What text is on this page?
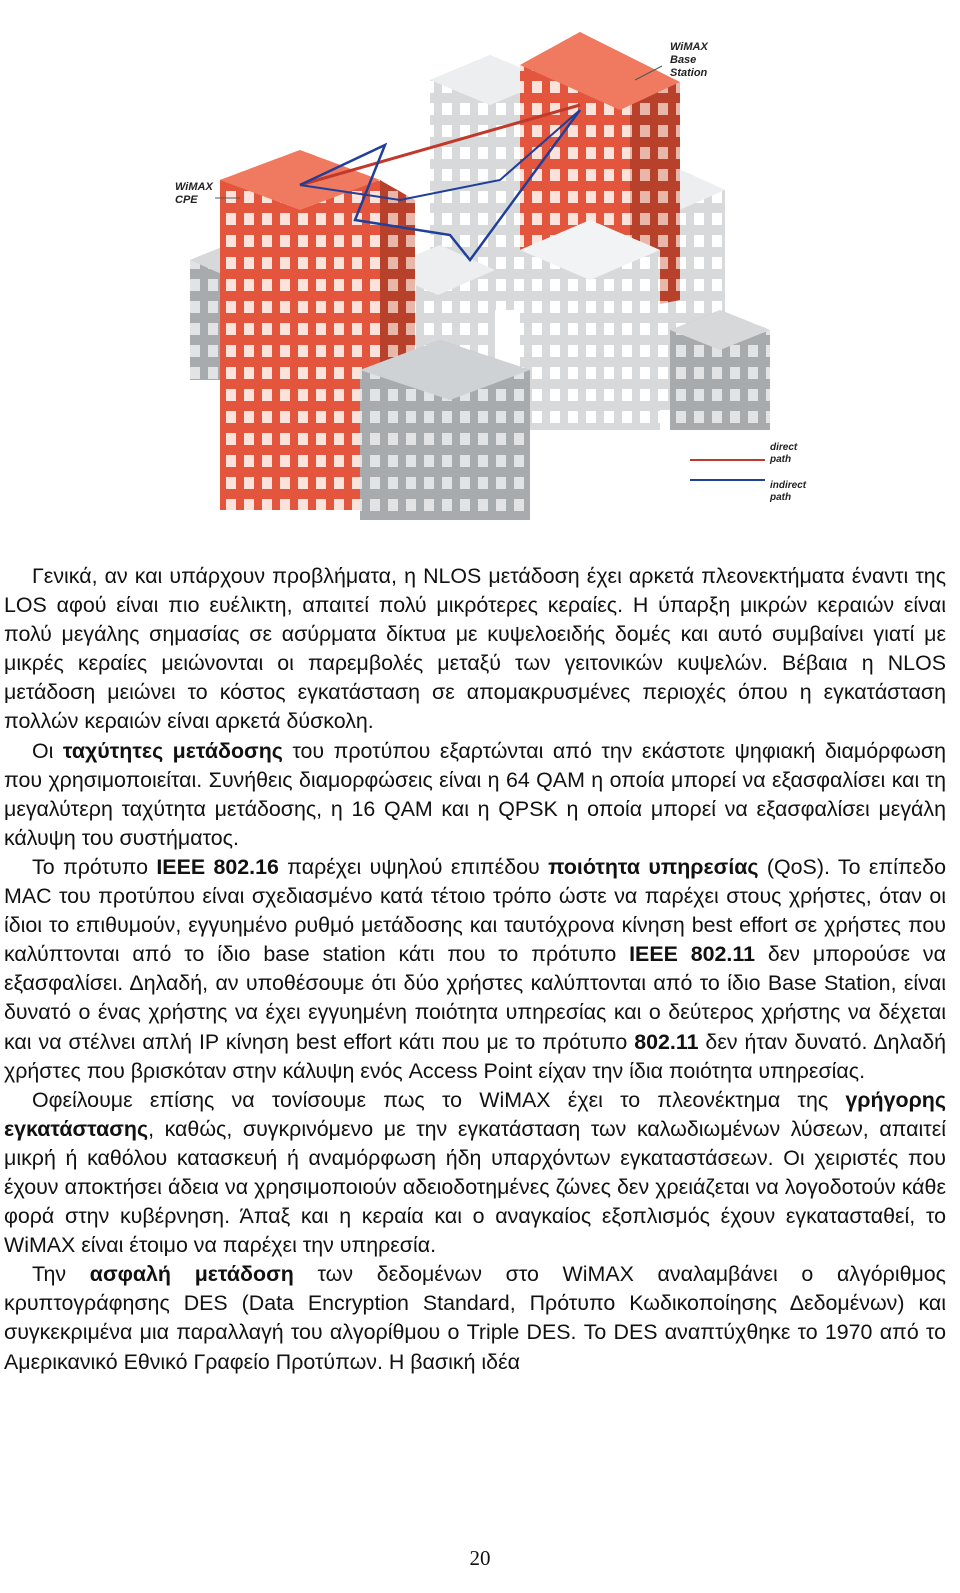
WiMAX Base Station
WiMAX CPE
direct path
indirect path

Γενικά, αν και υπάρχουν προβλήματα, η NLOS μετάδοση έχει αρκετά πλεονεκτήματα έναντι της LOS αφού είναι πιο ευέλικτη, απαιτεί πολύ μικρότερες κεραίες. Η ύπαρξη μικρών κεραιών είναι πολύ μεγάλης σημασίας σε ασύρματα δίκτυα με κυψελοειδής δομές και αυτό συμβαίνει γιατί με μικρές κεραίες μειώνονται οι παρεμβολές μεταξύ των γειτονικών κυψελών. Βέβαια η NLOS μετάδοση μειώνει το κόστος εγκατάσταση σε απομακρυσμένες περιοχές όπου η εγκατάσταση πολλών κεραιών είναι αρκετά δύσκολη.

Οι ταχύτητες μετάδοσης του προτύπου εξαρτώνται από την εκάστοτε ψηφιακή διαμόρφωση που χρησιμοποιείται. Συνήθεις διαμορφώσεις είναι η 64 QAM η οποία μπορεί να εξασφαλίσει και τη μεγαλύτερη ταχύτητα μετάδοσης, η 16 QAM και η QPSK η οποία μπορεί να εξασφαλίσει μεγάλη κάλυψη του συστήματος.

Το πρότυπο IEEE 802.16 παρέχει υψηλού επιπέδου ποιότητα υπηρεσίας (QoS). Το επίπεδο MAC του προτύπου είναι σχεδιασμένο κατά τέτοιο τρόπο ώστε να παρέχει στους χρήστες, όταν οι ίδιοι το επιθυμούν, εγγυημένο ρυθμό μετάδοσης και ταυτόχρονα κίνηση best effort σε χρήστες που καλύπτονται από το ίδιο base station κάτι που το πρότυπο IEEE 802.11 δεν μπορούσε να εξασφαλίσει. Δηλαδή, αν υποθέσουμε ότι δύο χρήστες καλύπτονται από το ίδιο Base Station, είναι δυνατό ο ένας χρήστης να έχει εγγυημένη ποιότητα υπηρεσίας και ο δεύτερος χρήστης να δέχεται και να στέλνει απλή IP κίνηση best effort κάτι που με το πρότυπο 802.11 δεν ήταν δυνατό. Δηλαδή χρήστες που βρισκόταν στην κάλυψη ενός Access Point είχαν την ίδια ποιότητα υπηρεσίας.

Οφείλουμε επίσης να τονίσουμε πως το WiMAX έχει το πλεονέκτημα της γρήγορης εγκατάστασης, καθώς, συγκρινόμενο με την εγκατάσταση των καλωδιωμένων λύσεων, απαιτεί μικρή ή καθόλου κατασκευή ή αναμόρφωση ήδη υπαρχόντων εγκαταστάσεων. Οι χειριστές που έχουν αποκτήσει άδεια να χρησιμοποιούν αδειοδοτημένες ζώνες δεν χρειάζεται να λογοδοτούν κάθε φορά στην κυβέρνηση. Άπαξ και η κεραία και ο αναγκαίος εξοπλισμός έχουν εγκατασταθεί, το WiMAX είναι έτοιμο να παρέχει την υπηρεσία.

Την ασφαλή μετάδοση των δεδομένων στο WiMAX αναλαμβάνει ο αλγόριθμος κρυπτογράφησης DES (Data Encryption Standard, Πρότυπο Κωδικοποίησης Δεδομένων) και συγκεκριμένα μια παραλλαγή του αλγορίθμου ο Triple DES. Το DES αναπτύχθηκε το 1970 από το Αμερικανικό Εθνικό Γραφείο Προτύπων. Η βασική ιδέα

20
